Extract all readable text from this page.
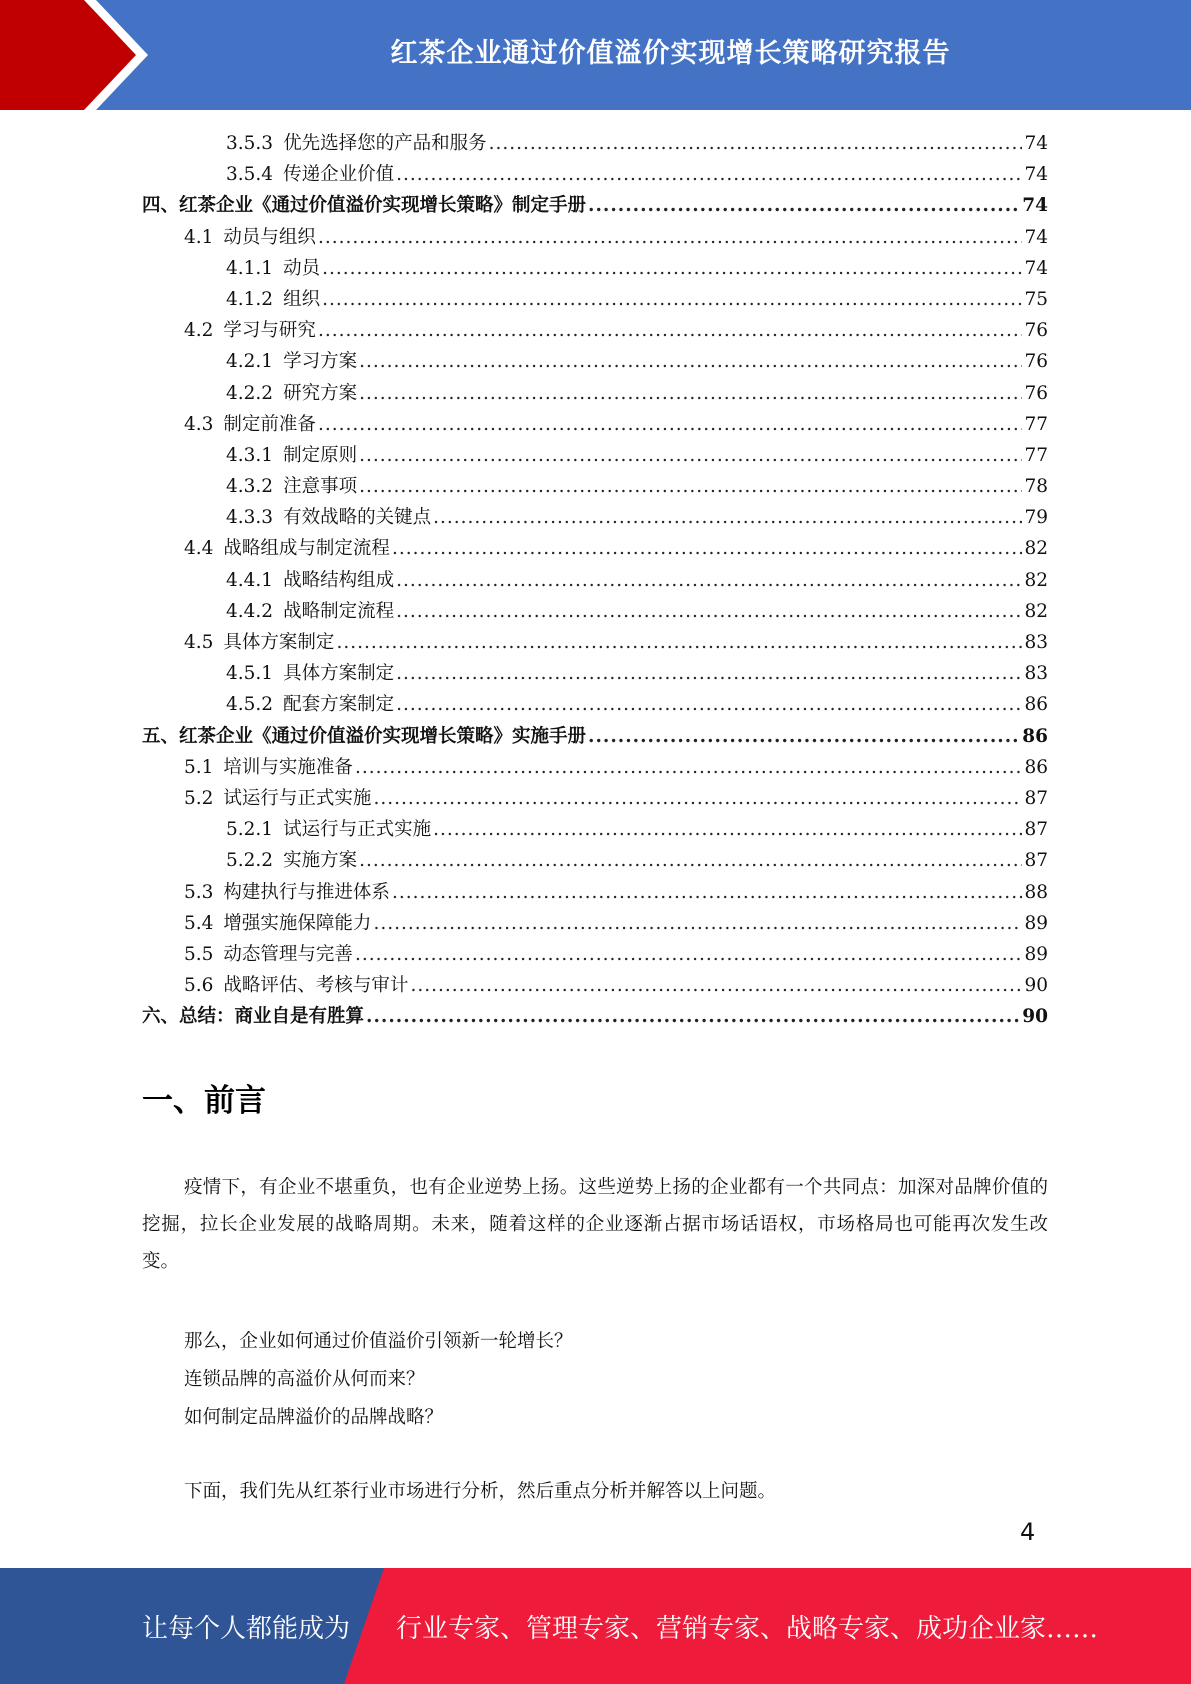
红茶企业通过价值溢价实现增长策略研究报告
3.5.3 优先选择您的产品和服务 .....	74
3.5.4 传递企业价值 .....	74
四、 红茶企业《通过价值溢价实现增长策略》制定手册 .....	74
4.1 动员与组织 .....	74
4.1.1 动员 .....	74
4.1.2 组织 .....	75
4.2 学习与研究 .....	76
4.2.1 学习方案 .....	76
4.2.2 研究方案 .....	76
4.3 制定前准备 .....	77
4.3.1 制定原则 .....	77
4.3.2 注意事项 .....	78
4.3.3 有效战略的关键点 .....	79
4.4 战略组成与制定流程 .....	82
4.4.1 战略结构组成 .....	82
4.4.2 战略制定流程 .....	82
4.5 具体方案制定 .....	83
4.5.1 具体方案制定 .....	83
4.5.2 配套方案制定 .....	86
五、 红茶企业《通过价值溢价实现增长策略》实施手册 .....	86
5.1 培训与实施准备 .....	86
5.2 试运行与正式实施 .....	87
5.2.1 试运行与正式实施 .....	87
5.2.2 实施方案 .....	87
5.3 构建执行与推进体系 .....	88
5.4 增强实施保障能力 .....	89
5.5 动态管理与完善 .....	89
5.6 战略评估、考核与审计 .....	90
六、 总结：商业自是有胜算 .....	90
一、前言
疫情下，有企业不堪重负，也有企业逆势上扬。这些逆势上扬的企业都有一个共同点：加深对品牌价值的挖掘，拉长企业发展的战略周期。未来，随着这样的企业逐渐占据市场话语权，市场格局也可能再次发生改变。
那么，企业如何通过价值溢价引领新一轮增长？
连锁品牌的高溢价从何而来？
如何制定品牌溢价的品牌战略？
下面，我们先从红茶行业市场进行分析，然后重点分析并解答以上问题。
4
让每个人都能成为 行业专家、管理专家、营销专家、战略专家、成功企业家……
